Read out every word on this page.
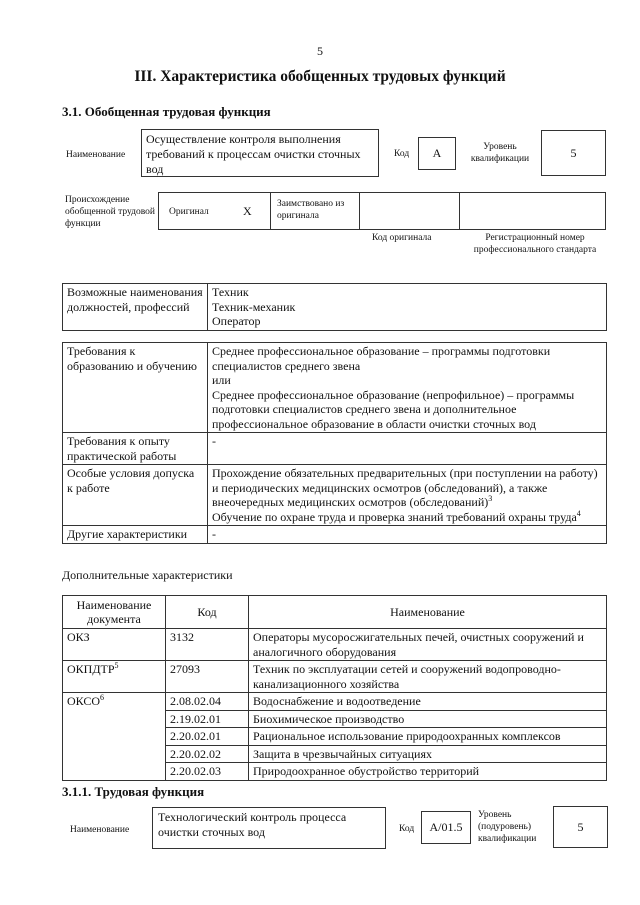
5
III. Характеристика обобщенных трудовых функций
3.1. Обобщенная трудовая функция
Наименование
Осуществление контроля выполнения требований к процессам очистки сточных вод
Код	А	Уровень квалификации	5
Происхождение обобщенной трудовой функции
Оригинал	X	Заимствовано из оригинала
Код оригинала	Регистрационный номер профессионального стандарта
Возможные наименования должностей, профессий	
Техник
Техник-механик
Оператор
Требования к образованию и обучению	Среднее профессиональное образование – программы подготовки специалистов среднего звена
или
Среднее профессиональное образование (непрофильное) – программы подготовки специалистов среднего звена и дополнительное профессиональное образование в области очистки сточных вод

Требования к опыту практической работы	-
Особые условия допуска к работе	Прохождение обязательных предварительных (при поступлении на работу) и периодических медицинских осмотров (обследований), а также внеочередных медицинских осмотров (обследований)$^3$
Обучение по охране труда и проверка знаний требований охраны труда$^4$

Другие характеристики	-
Дополнительные характеристики
Наименование документа	Код	Наименование
ОКЗ	3132	Операторы мусоросжигательных печей, очистных сооружений и аналогичного оборудования
ОКПДТР$^5$	27093	Техник по эксплуатации сетей и сооружений водопроводно-канализационного хозяйства
ОКСО$^6$	2.08.02.04	Водоснабжение и водоотведение
	2.19.02.01	Биохимическое производство
	2.20.02.01	Рациональное использование природоохранных комплексов
	2.20.02.02	Защита в чрезвычайных ситуациях
	2.20.02.03	Природоохранное обустройство территорий
3.1.1. Трудовая функция
Наименование
Технологический контроль процесса очистки сточных вод	Код	А/01.5
Уровень (подуровень) квалификации
5
